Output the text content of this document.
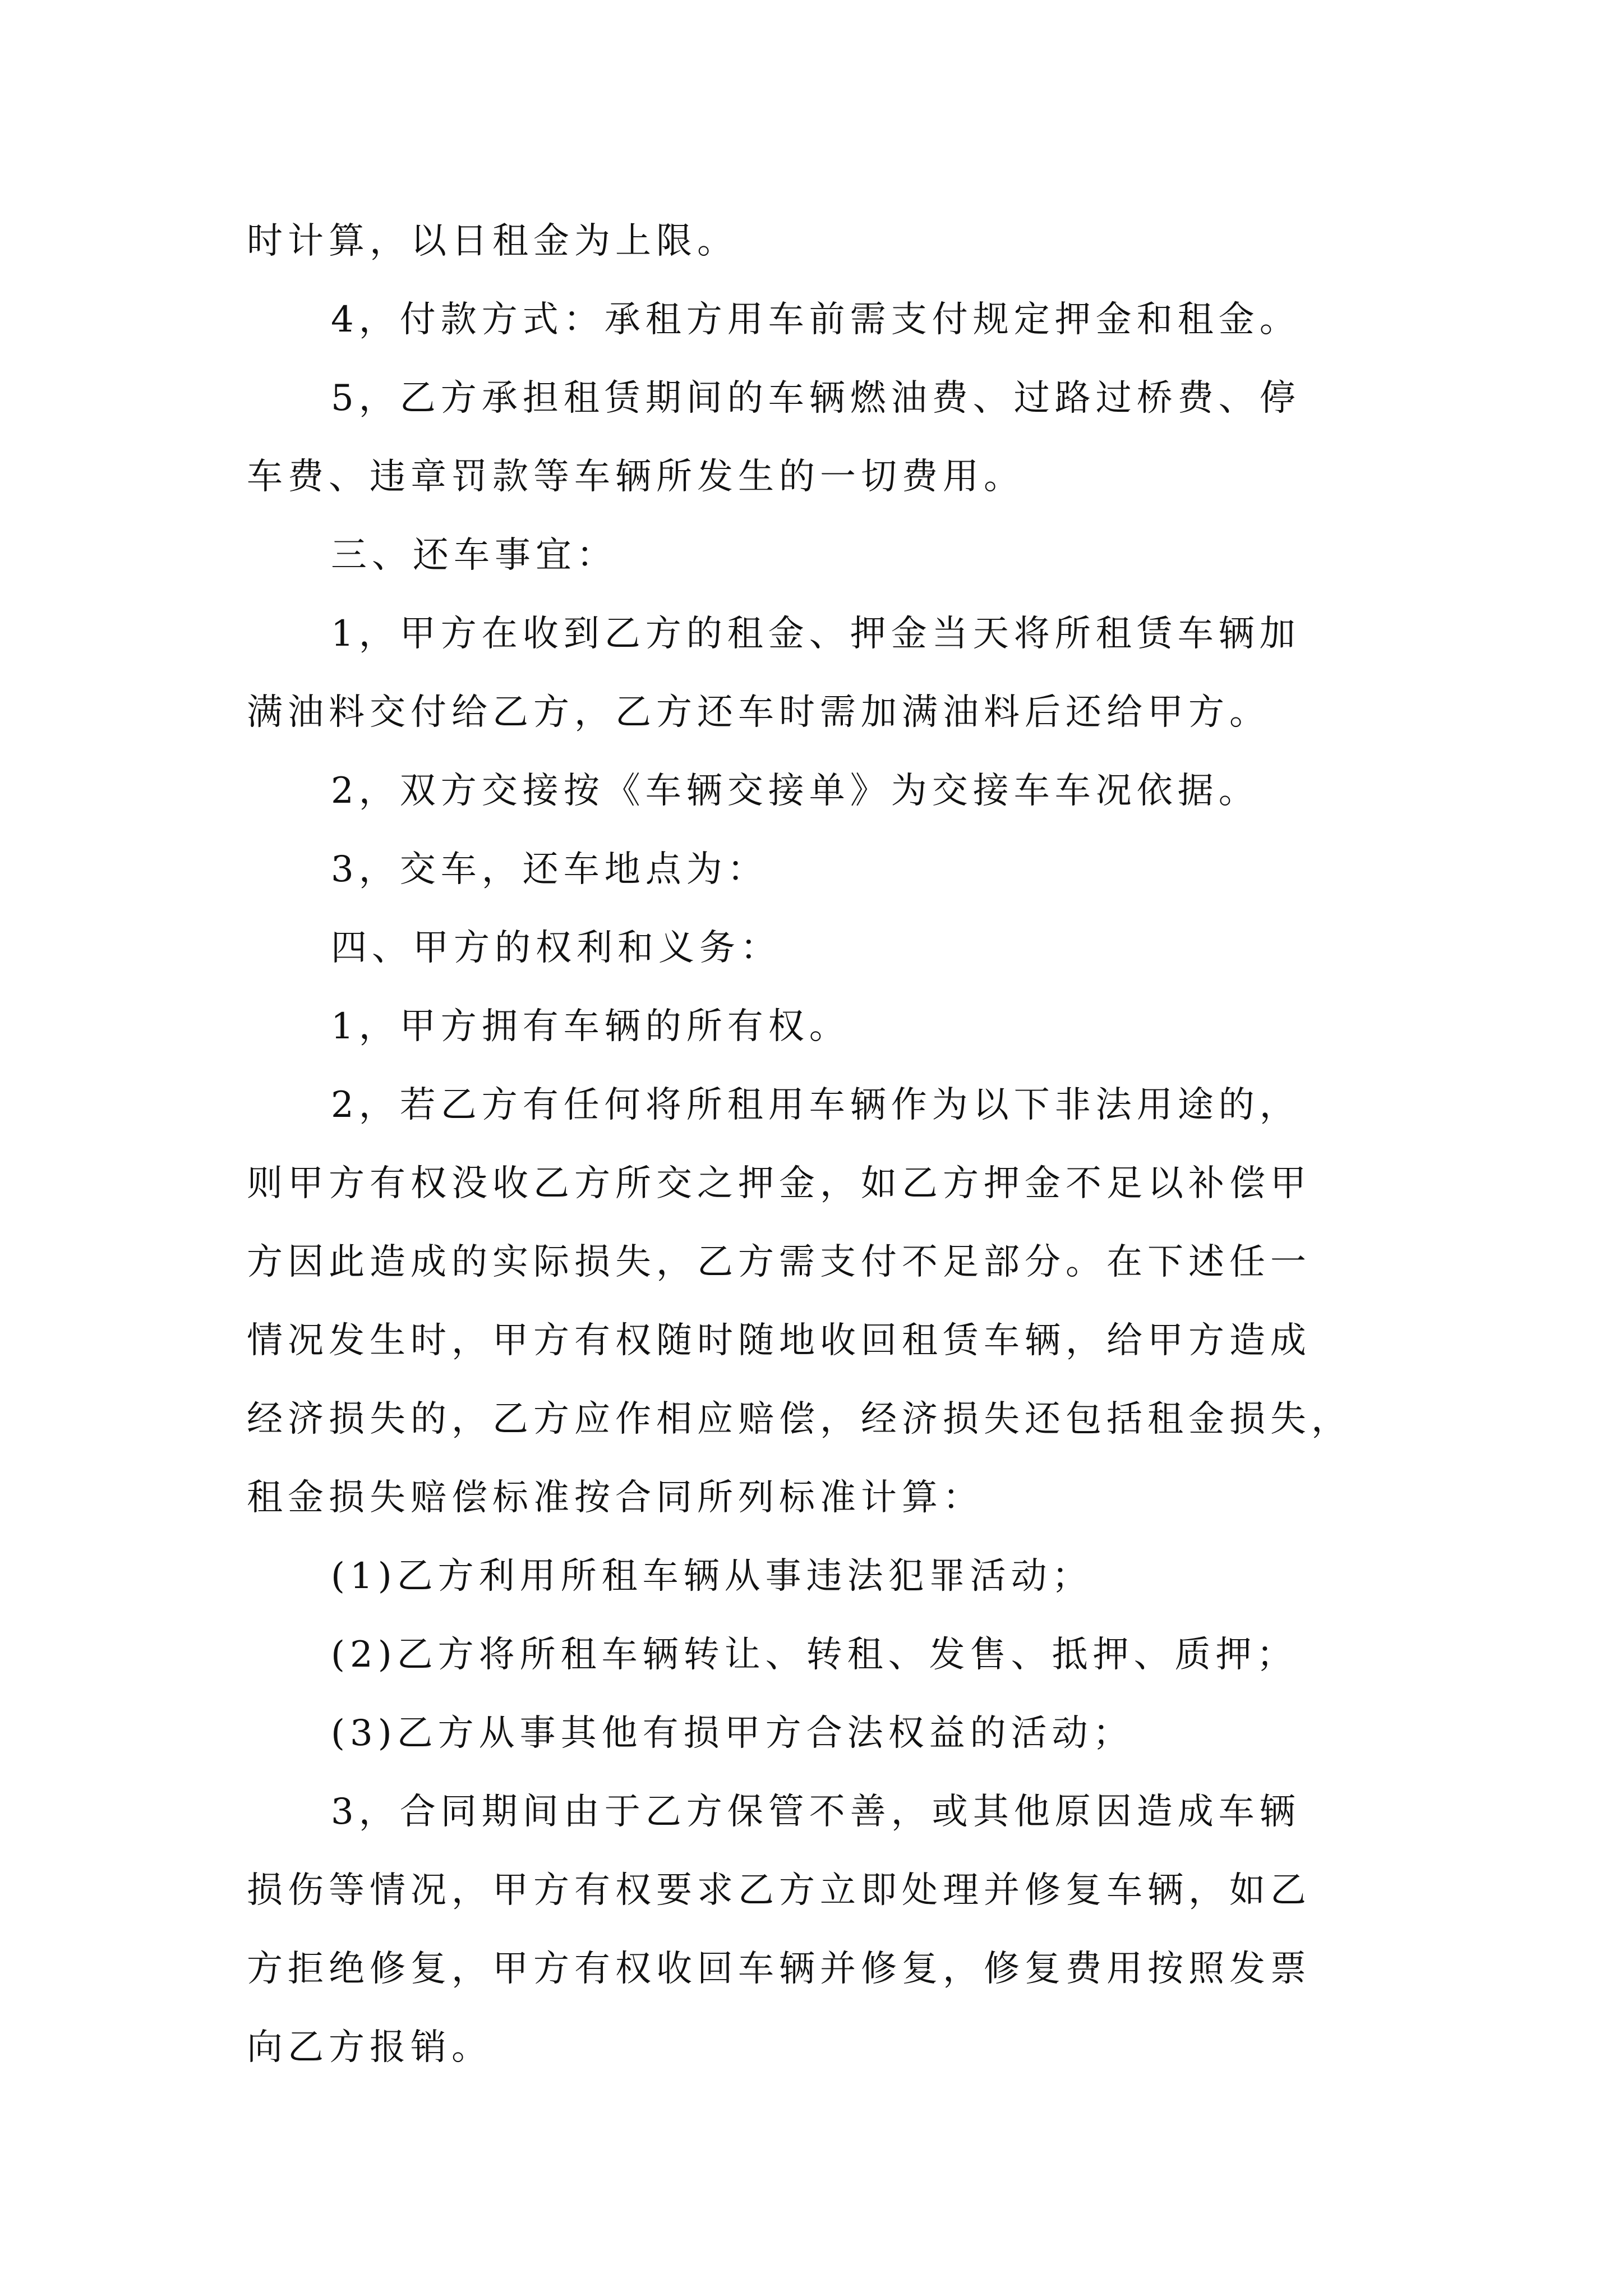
时计算，以日租金为上限。
4，付款方式：承租方用车前需支付规定押金和租金。
5，乙方承担租赁期间的车辆燃油费、过路过桥费、停
车费、违章罚款等车辆所发生的一切费用。
三、还车事宜：
1，甲方在收到乙方的租金、押金当天将所租赁车辆加
满油料交付给乙方，乙方还车时需加满油料后还给甲方。
2，双方交接按《车辆交接单》为交接车车况依据。
3，交车，还车地点为：
四、甲方的权利和义务：
1，甲方拥有车辆的所有权。
2，若乙方有任何将所租用车辆作为以下非法用途的，
则甲方有权没收乙方所交之押金，如乙方押金不足以补偿甲
方因此造成的实际损失，乙方需支付不足部分。在下述任一
情况发生时，甲方有权随时随地收回租赁车辆，给甲方造成
经济损失的，乙方应作相应赔偿，经济损失还包括租金损失，
租金损失赔偿标准按合同所列标准计算：
(1)乙方利用所租车辆从事违法犯罪活动；
(2)乙方将所租车辆转让、转租、发售、抵押、质押；
(3)乙方从事其他有损甲方合法权益的活动；
3，合同期间由于乙方保管不善，或其他原因造成车辆
损伤等情况，甲方有权要求乙方立即处理并修复车辆，如乙
方拒绝修复，甲方有权收回车辆并修复，修复费用按照发票
向乙方报销。
